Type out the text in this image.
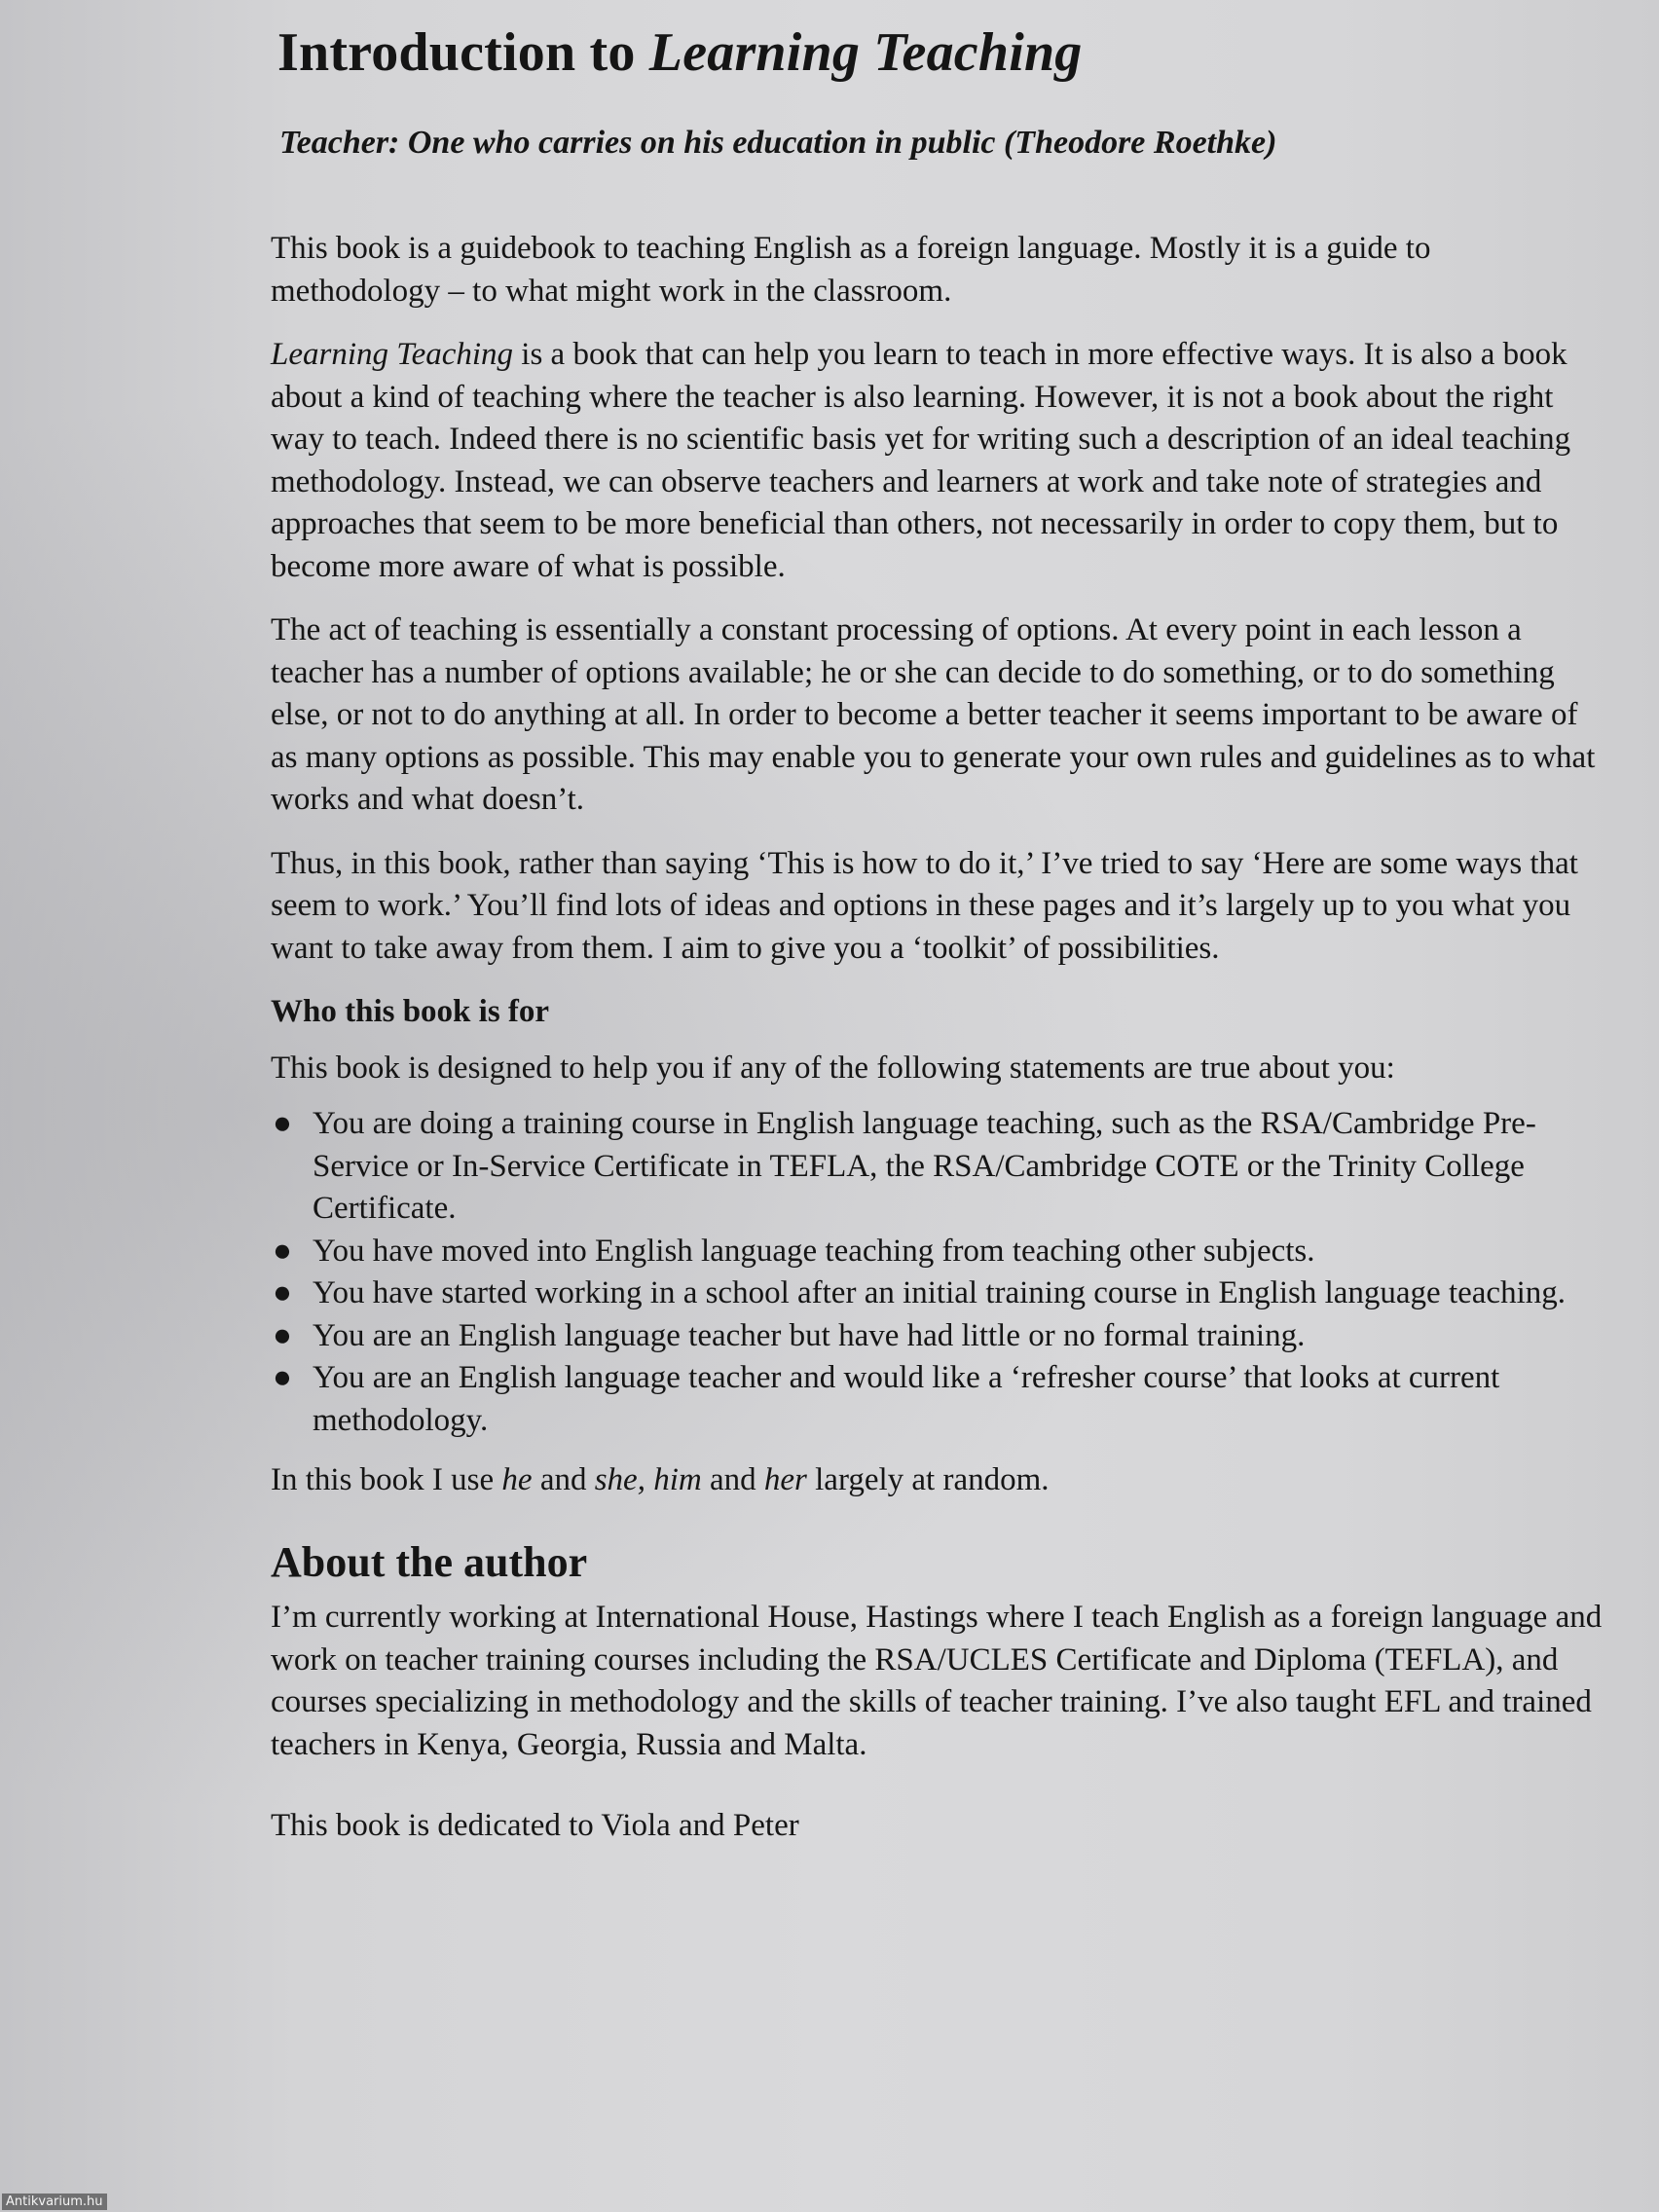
Introduction to Learning Teaching
Teacher: One who carries on his education in public (Theodore Roethke)

This book is a guidebook to teaching English as a foreign language. Mostly it is a guide to methodology – to what might work in the classroom.

Learning Teaching is a book that can help you learn to teach in more effective ways. It is also a book about a kind of teaching where the teacher is also learning. However, it is not a book about the right way to teach. Indeed there is no scientific basis yet for writing such a description of an ideal teaching methodology. Instead, we can observe teachers and learners at work and take note of strategies and approaches that seem to be more beneficial than others, not necessarily in order to copy them, but to become more aware of what is possible.

The act of teaching is essentially a constant processing of options. At every point in each lesson a teacher has a number of options available; he or she can decide to do something, or to do something else, or not to do anything at all. In order to become a better teacher it seems important to be aware of as many options as possible. This may enable you to generate your own rules and guidelines as to what works and what doesn’t.

Thus, in this book, rather than saying ‘This is how to do it,’ I’ve tried to say ‘Here are some ways that seem to work.’ You’ll find lots of ideas and options in these pages and it’s largely up to you what you want to take away from them. I aim to give you a ‘toolkit’ of possibilities.

Who this book is for

This book is designed to help you if any of the following statements are true about you:

● You are doing a training course in English language teaching, such as the RSA/Cambridge Pre-Service or In-Service Certificate in TEFLA, the RSA/Cambridge COTE or the Trinity College Certificate.
● You have moved into English language teaching from teaching other subjects.
● You have started working in a school after an initial training course in English language teaching.
● You are an English language teacher but have had little or no formal training.
● You are an English language teacher and would like a ‘refresher course’ that looks at current methodology.

In this book I use he and she, him and her largely at random.

About the author

I’m currently working at International House, Hastings where I teach English as a foreign language and work on teacher training courses including the RSA/UCLES Certificate and Diploma (TEFLA), and courses specializing in methodology and the skills of teacher training. I’ve also taught EFL and trained teachers in Kenya, Georgia, Russia and Malta.

This book is dedicated to Viola and Peter

Antikvarium.hu
